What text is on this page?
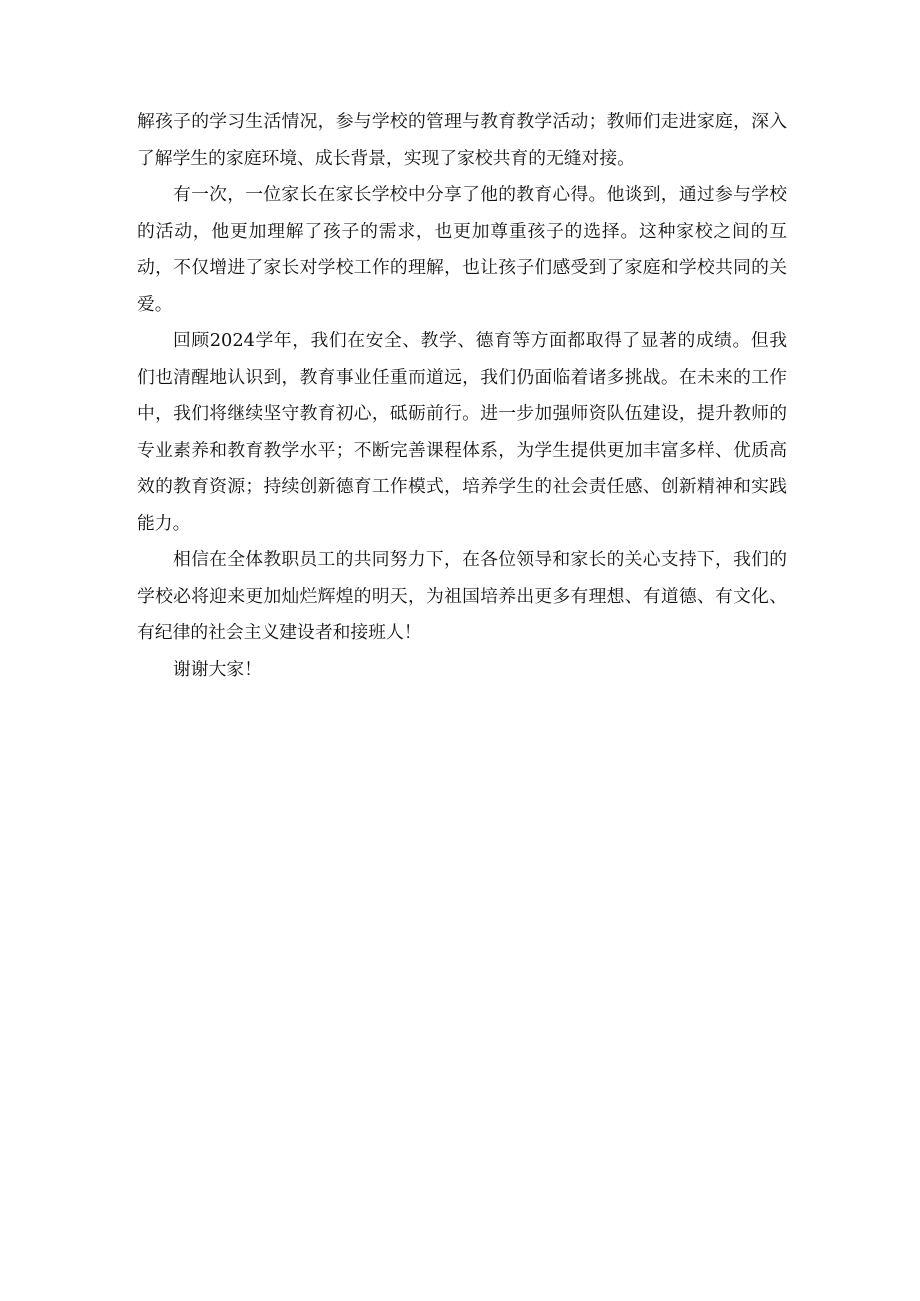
解孩子的学习生活情况，参与学校的管理与教育教学活动；教师们走进家庭，深入了解学生的家庭环境、成长背景，实现了家校共育的无缝对接。

有一次，一位家长在家长学校中分享了他的教育心得。他谈到，通过参与学校的活动，他更加理解了孩子的需求，也更加尊重孩子的选择。这种家校之间的互动，不仅增进了家长对学校工作的理解，也让孩子们感受到了家庭和学校共同的关爱。

回顾2024学年，我们在安全、教学、德育等方面都取得了显著的成绩。但我们也清醒地认识到，教育事业任重而道远，我们仍面临着诸多挑战。在未来的工作中，我们将继续坚守教育初心，砥砺前行。进一步加强师资队伍建设，提升教师的专业素养和教育教学水平；不断完善课程体系，为学生提供更加丰富多样、优质高效的教育资源；持续创新德育工作模式，培养学生的社会责任感、创新精神和实践能力。

相信在全体教职员工的共同努力下，在各位领导和家长的关心支持下，我们的学校必将迎来更加灿烂辉煌的明天，为祖国培养出更多有理想、有道德、有文化、有纪律的社会主义建设者和接班人！

谢谢大家！
